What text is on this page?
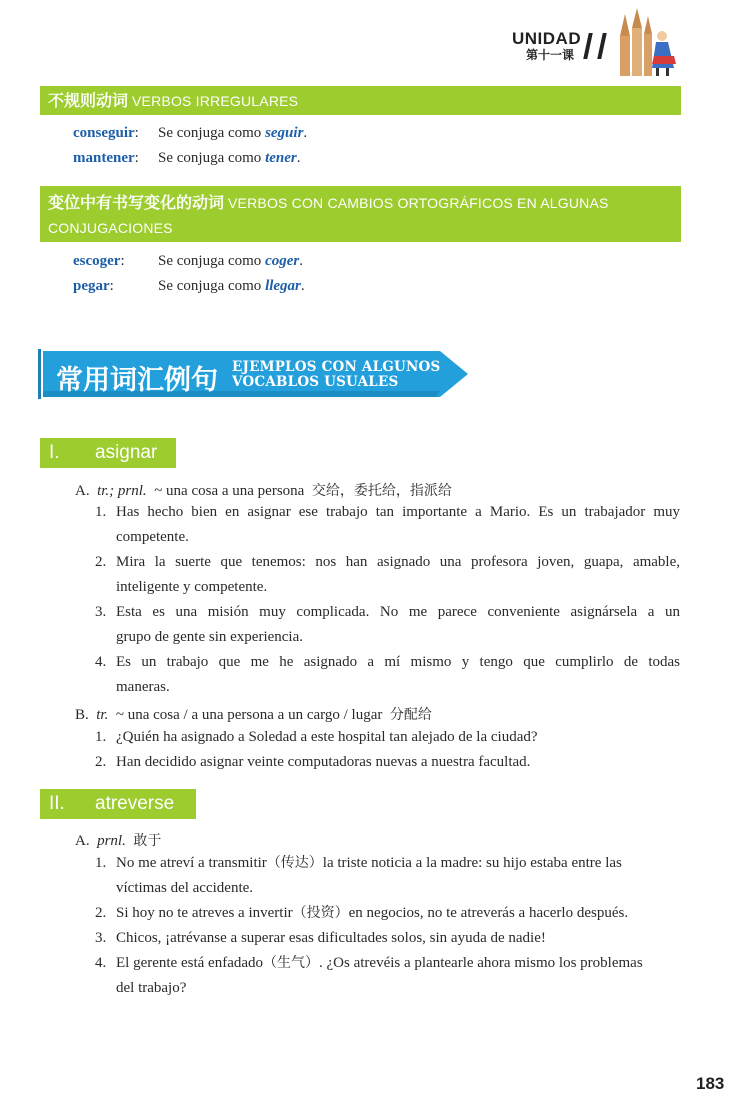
UNIDAD
第十一课
不规则动词 VERBOS IRREGULARES
conseguir: Se conjuga como seguir.
mantener: Se conjuga como tener.
变位中有书写变化的动词 VERBOS CON CAMBIOS ORTOGRÁFICOS EN ALGUNAS
CONJUGACIONES
escoger: Se conjuga como coger.
pegar:	Se conjuga como llegar.
常用词汇例句 EJEMPLOS CON ALGUNOS
VOCABLOS USUALES
I. asignar
A. tr.; prnl. ~ una cosa a una persona 交给，委托给，指派给
1. Has hecho bien en asignar ese trabajo tan importante a Mario. Es un trabajador muy
competente.
2. Mira la suerte que tenemos: nos han asignado una profesora joven, guapa, amable,
inteligente y competente.
3. Esta es una misión muy complicada. No me parece conveniente asignársela a un
grupo de gente sin experiencia.
4. Es un trabajo que me he asignado a mí mismo y tengo que cumplirlo de todas
maneras.
B. tr. ~ una cosa / a una persona a un cargo / lugar 分配给
1. ¿Quién ha asignado a Soledad a este hospital tan alejado de la ciudad?
2. Han decidido asignar veinte computadoras nuevas a nuestra facultad.
II. atreverse
A. prnl. 敢于
1. No me atreví a transmitir（传达）la triste noticia a la madre: su hijo estaba entre las
víctimas del accidente.
2. Si hoy no te atreves a invertir（投资）en negocios, no te atreverás a hacerlo después.
3. Chicos, ¡atrévanse a superar esas dificultades solos, sin ayuda de nadie!
4. El gerente está enfadado（生气）. ¿Os atrevéis a plantearle ahora mismo los problemas
del trabajo?
183
